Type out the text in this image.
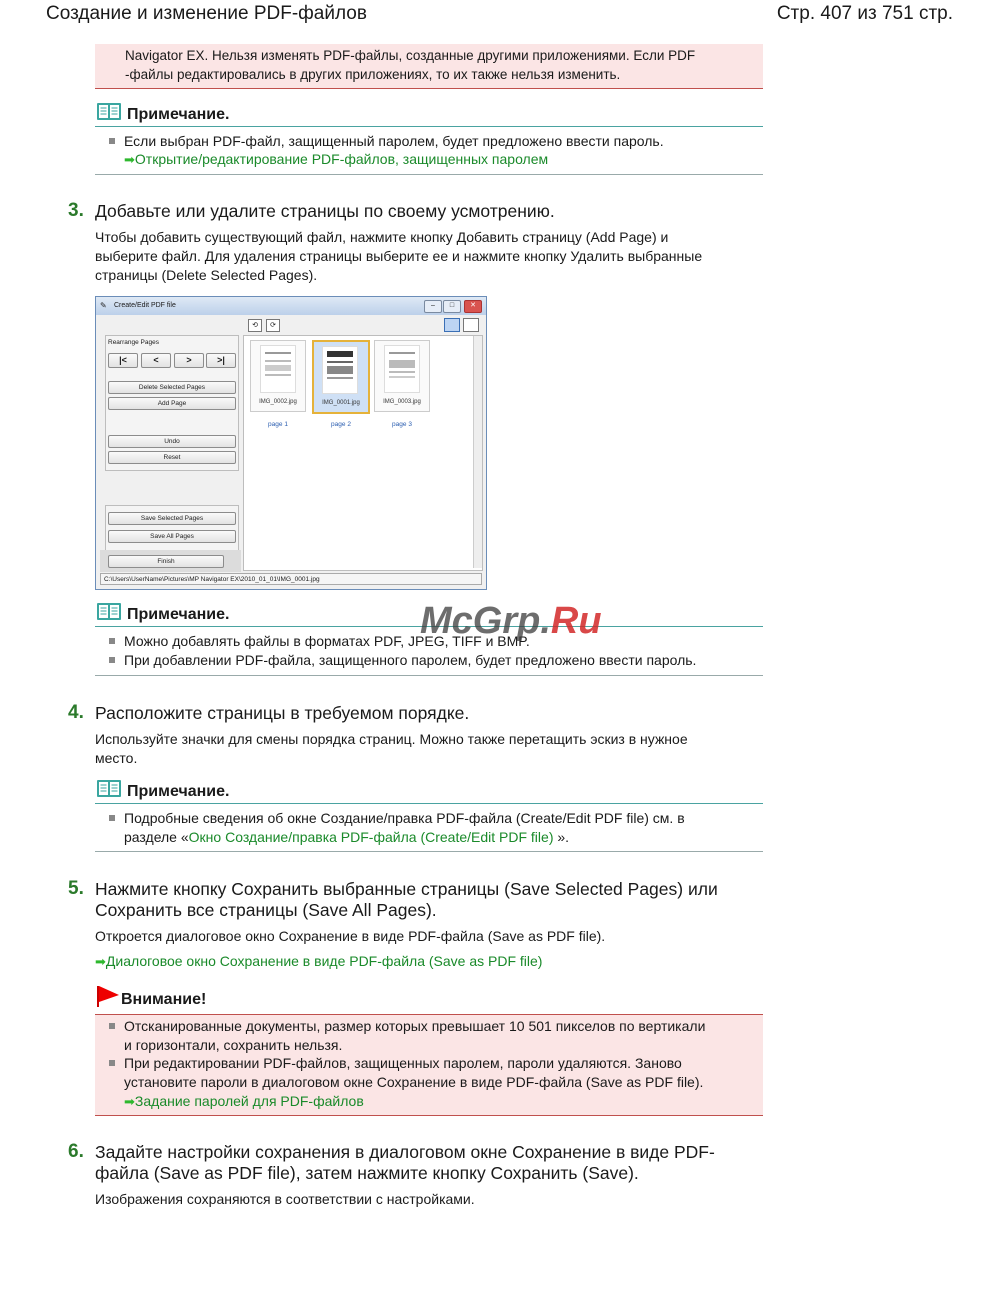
Создание и изменение PDF-файлов	Стр. 407 из 751 стр.
Navigator EX. Нельзя изменять PDF-файлы, созданные другими приложениями. Если PDF
-файлы редактировались в других приложениях, то их также нельзя изменить.
Примечание.
Если выбран PDF-файл, защищенный паролем, будет предложено ввести пароль.
➡Открытие/редактирование PDF-файлов, защищенных паролем
3. Добавьте или удалите страницы по своему усмотрению.
Чтобы добавить существующий файл, нажмите кнопку Добавить страницу (Add Page) и
выберите файл. Для удаления страницы выберите ее и нажмите кнопку Удалить выбранные
страницы (Delete Selected Pages).
✎ Create/Edit PDF file	–	□	✕
⟲	⟳
Rearrange Pages
|<	<	>	>|
Delete Selected Pages
Add Page
Undo
Reset
Save Selected Pages
Save All Pages
Finish
IMG_0002.jpg
page 1
IMG_0001.jpg
page 2
IMG_0003.jpg
page 3
C:\Users\UserName\Pictures\MP Navigator EX\2010_01_01\IMG_0001.jpg
Примечание.
Можно добавлять файлы в форматах PDF, JPEG, TIFF и BMP.
При добавлении PDF-файла, защищенного паролем, будет предложено ввести пароль.
McGrp.Ru
4. Расположите страницы в требуемом порядке.
Используйте значки для смены порядка страниц. Можно также перетащить эскиз в нужное
место.
Примечание.
Подробные сведения об окне Создание/правка PDF-файла (Create/Edit PDF file) см. в
разделе «Окно Создание/правка PDF-файла (Create/Edit PDF file) ».
5. Нажмите кнопку Сохранить выбранные страницы (Save Selected Pages) или
Сохранить все страницы (Save All Pages).
Откроется диалоговое окно Сохранение в виде PDF-файла (Save as PDF file).
➡Диалоговое окно Сохранение в виде PDF-файла (Save as PDF file)
Внимание!
Отсканированные документы, размер которых превышает 10 501 пикселов по вертикали
и горизонтали, сохранить нельзя.
При редактировании PDF-файлов, защищенных паролем, пароли удаляются. Заново
установите пароли в диалоговом окне Сохранение в виде PDF-файла (Save as PDF file).
➡Задание паролей для PDF-файлов
6. Задайте настройки сохранения в диалоговом окне Сохранение в виде PDF-
файла (Save as PDF file), затем нажмите кнопку Сохранить (Save).
Изображения сохраняются в соответствии с настройками.
